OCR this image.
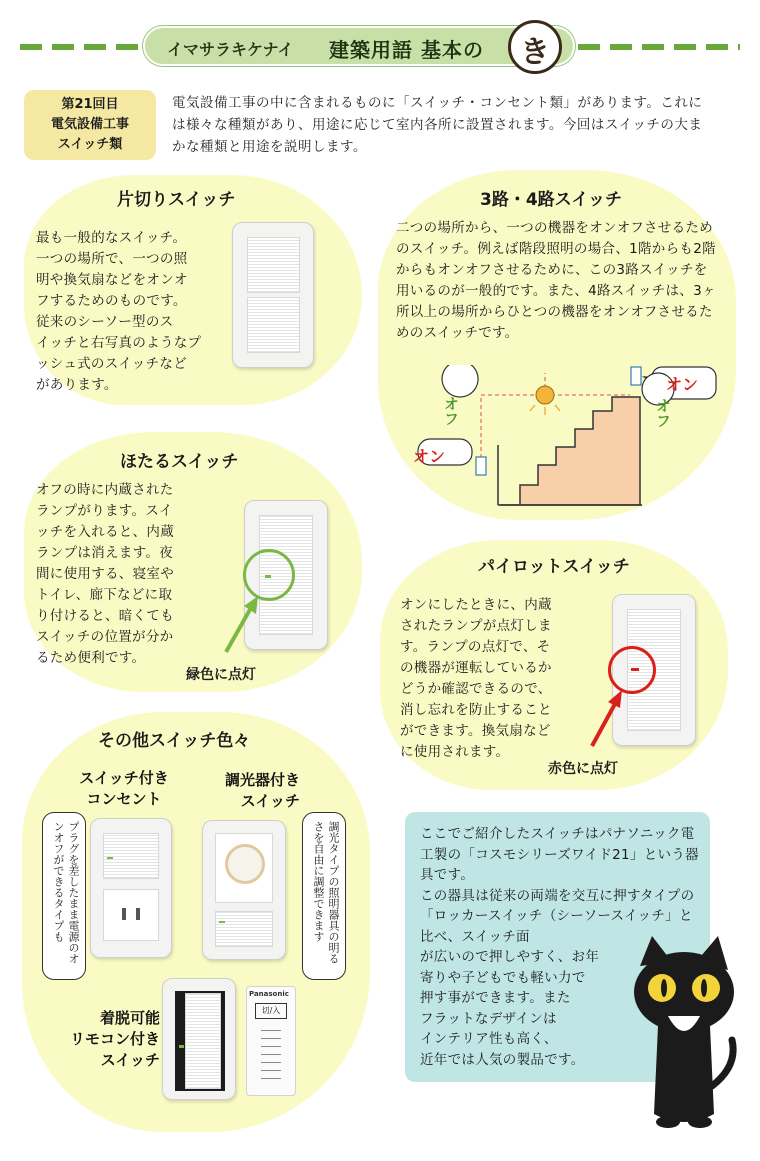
イマサラキケナイ 建築用語 基本の	き
第21回目
電気設備工事
スイッチ類
電気設備工事の中に含まれるものに「スイッチ・コンセント類」があります。これには様々な種類があり、用途に応じて室内各所に設置されます。今回はスイッチの大まかな種類と用途を説明します。
片切りスイッチ
最も一般的なスイッチ。
一つの場所で、一つの照
明や換気扇などをオンオ
フするためのものです。
従来のシーソー型のス
イッチと右写真のようなプ
ッシュ式のスイッチなど
があります。
3路・4路スイッチ
二つの場所から、一つの機器をオンオフさせるためのスイッチ。例えば階段照明の場合、1階からも2階からもオンオフさせるために、この3路スイッチを用いるのが一般的です。また、4路スイッチは、3ヶ所以上の場所からひとつの機器をオンオフさせるためのスイッチです。
オン
オフ
オフ
オン
ほたるスイッチ
オフの時に内蔵された
ランプがります。スイ
ッチを入れると、内蔵
ランプは消えます。夜
間に使用する、寝室や
トイレ、廊下などに取
り付けると、暗くても
スイッチの位置が分か
るため便利です。
緑色に点灯
パイロットスイッチ
オンにしたときに、内蔵
されたランプが点灯しま
す。ランプの点灯で、そ
の機器が運転しているか
どうか確認できるので、
消し忘れを防止すること
ができます。換気扇など
に使用されます。
赤色に点灯
その他スイッチ色々
スイッチ付き
コンセント
プラグを差したまま電源のオンオフができるタイプも
調光器付き
スイッチ
調光タイプの照明器具の明るさを自由に調整できます
着脱可能
リモコン付き
スイッチ
Panasonic
切/入
ここでご紹介したスイッチはパナソニック電工製の「コスモシリーズワイド21」という器具です。
この器具は従来の両端を交互に押すタイプの「ロッカースイッチ（シーソースイッチ」と比べ、スイッチ面
が広いので押しやすく、お年
寄りや子どもでも軽い力で
押す事ができます。また
フラットなデザインは
インテリア性も高く、
近年では人気の製品です。
